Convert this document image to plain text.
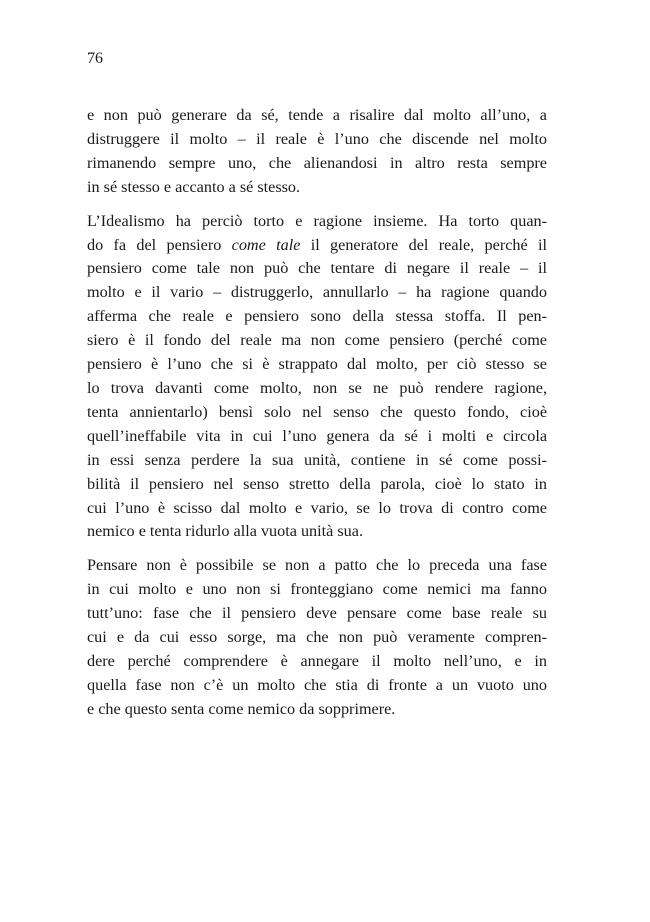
76

e non può generare da sé, tende a risalire dal molto all’uno, a
distruggere il molto – il reale è l’uno che discende nel molto
rimanendo sempre uno, che alienandosi in altro resta sempre
in sé stesso e accanto a sé stesso.

L’Idealismo ha perciò torto e ragione insieme. Ha torto quan-
do fa del pensiero come tale il generatore del reale, perché il
pensiero come tale non può che tentare di negare il reale – il
molto e il vario – distruggerlo, annullarlo – ha ragione quando
afferma che reale e pensiero sono della stessa stoffa. Il pen-
siero è il fondo del reale ma non come pensiero (perché come
pensiero è l’uno che si è strappato dal molto, per ciò stesso se
lo trova davanti come molto, non se ne può rendere ragione,
tenta annientarlo) bensì solo nel senso che questo fondo, cioè
quell’ineffabile vita in cui l’uno genera da sé i molti e circola
in essi senza perdere la sua unità, contiene in sé come possi-
bilità il pensiero nel senso stretto della parola, cioè lo stato in
cui l’uno è scisso dal molto e vario, se lo trova di contro come
nemico e tenta ridurlo alla vuota unità sua.

Pensare non è possibile se non a patto che lo preceda una fase
in cui molto e uno non si fronteggiano come nemici ma fanno
tutt’uno: fase che il pensiero deve pensare come base reale su
cui e da cui esso sorge, ma che non può veramente compren-
dere perché comprendere è annegare il molto nell’uno, e in
quella fase non c’è un molto che stia di fronte a un vuoto uno
e che questo senta come nemico da sopprimere.
